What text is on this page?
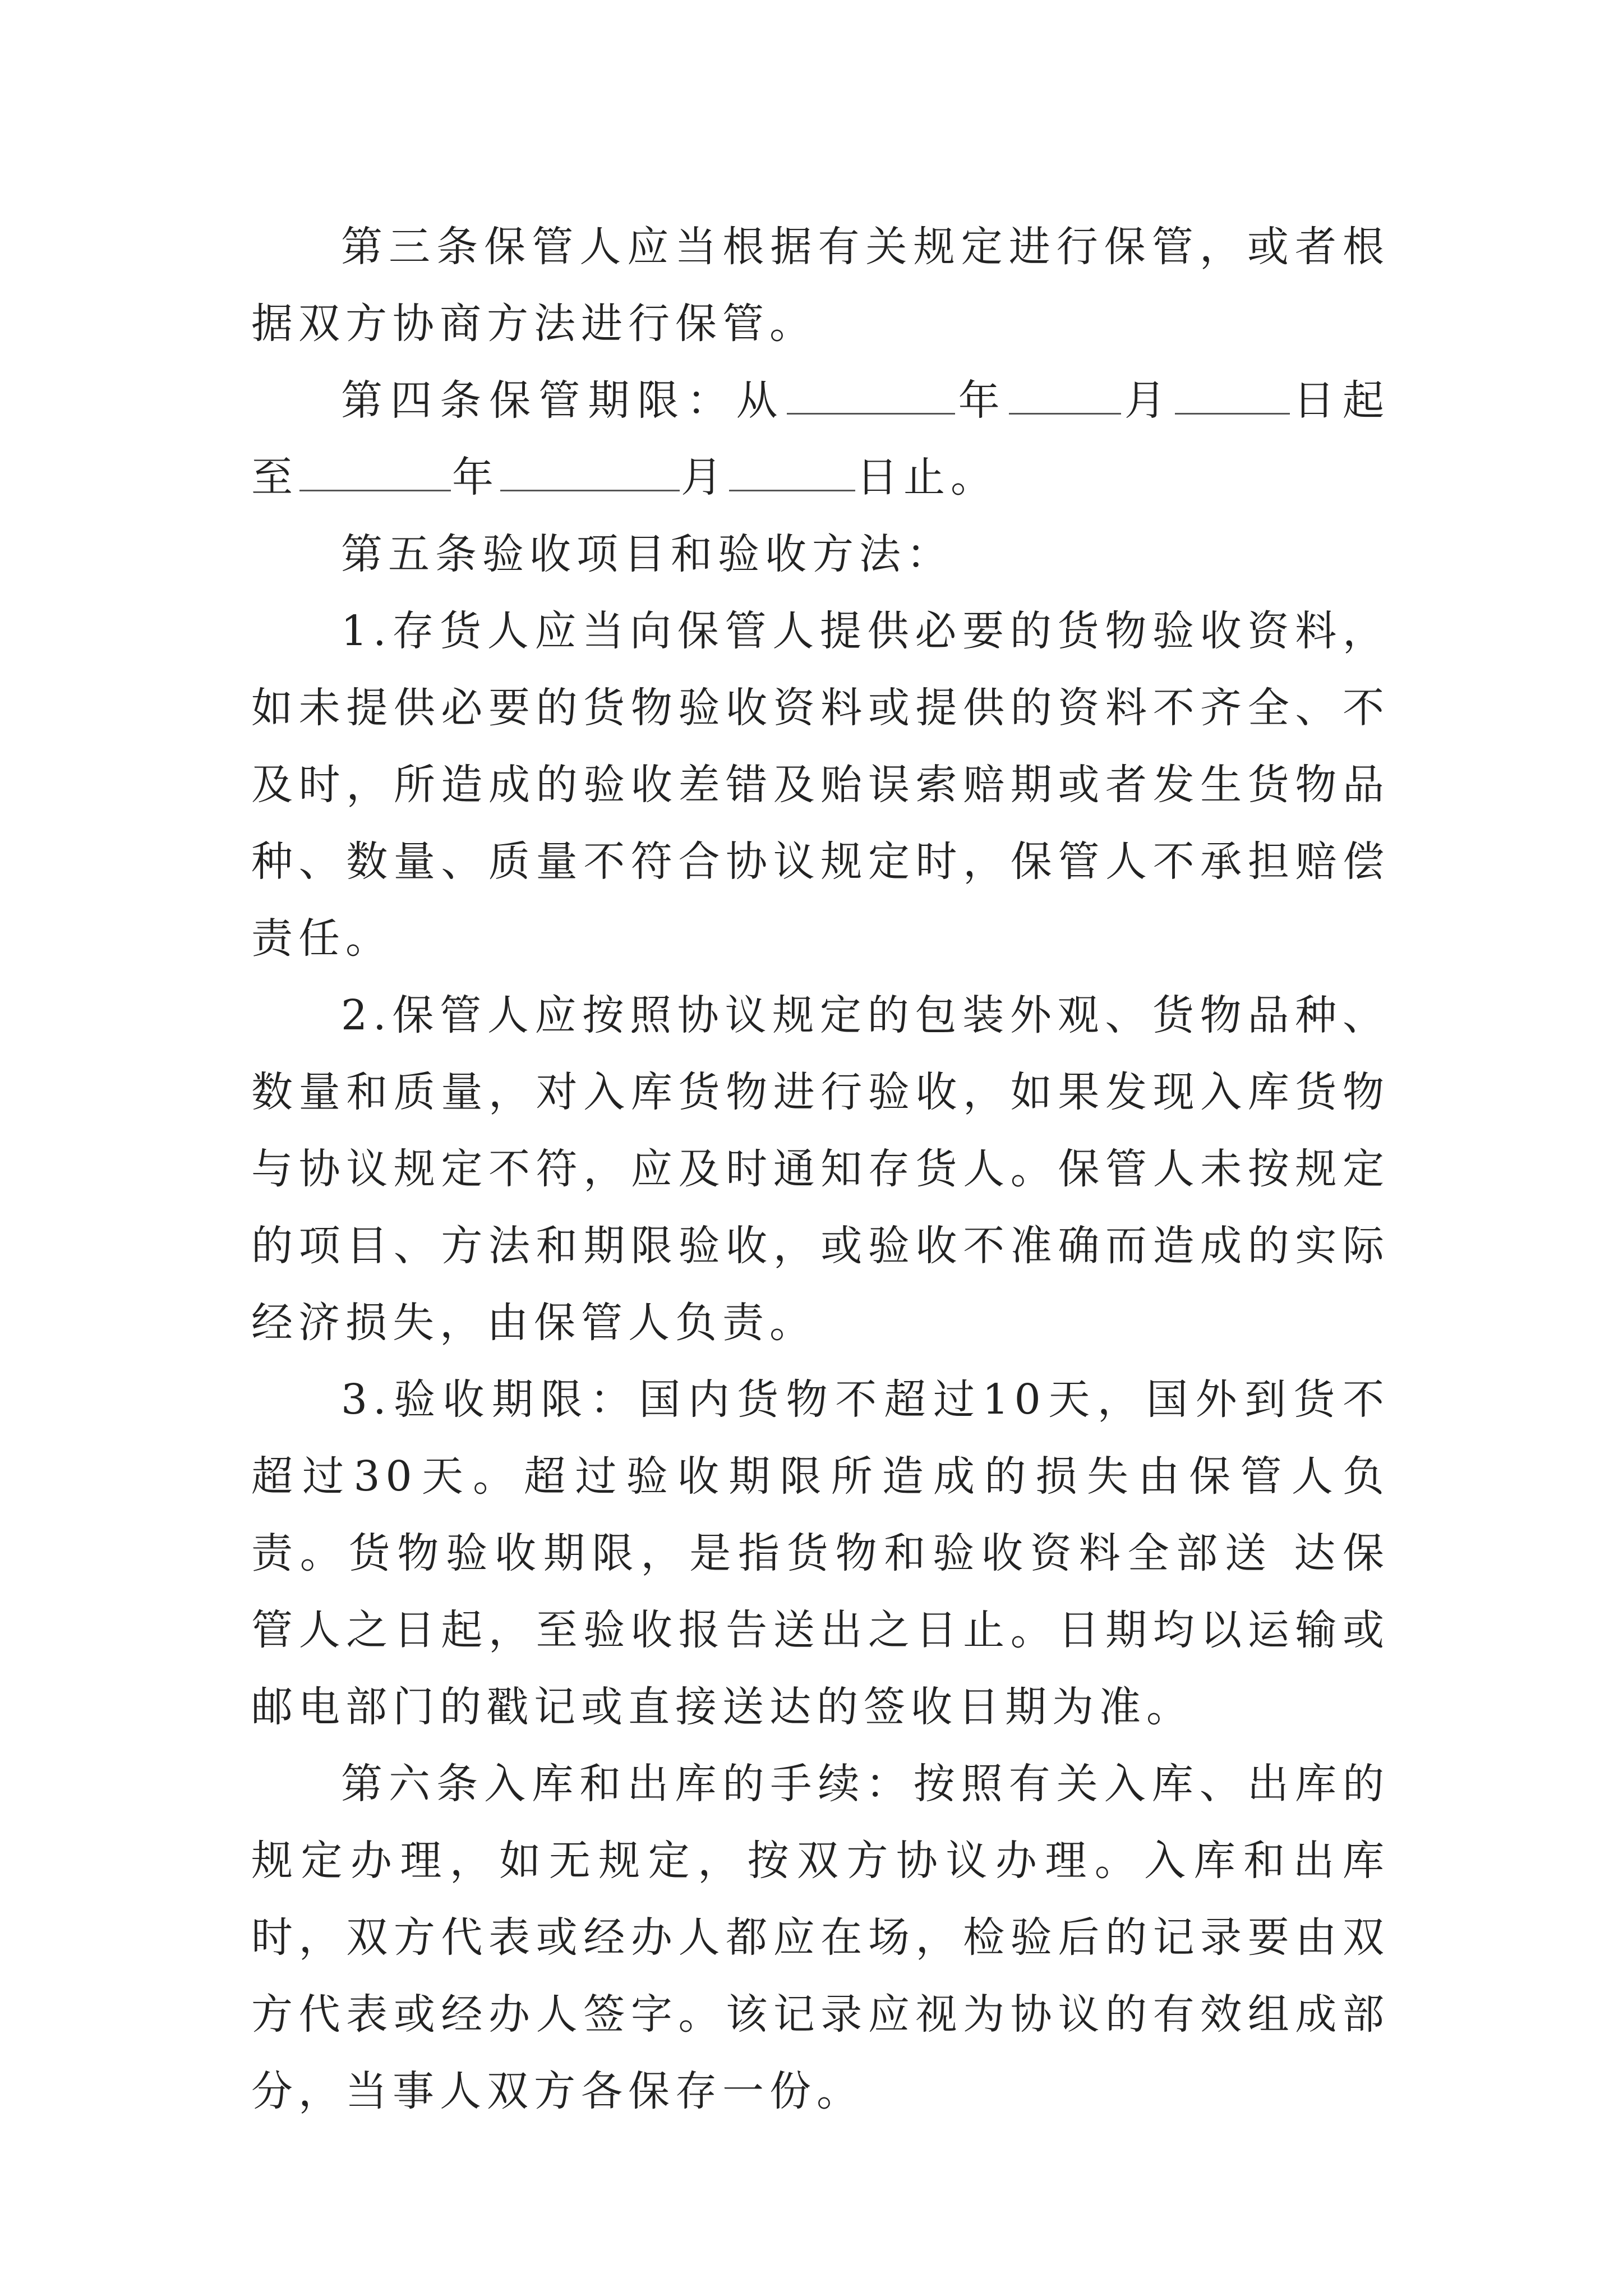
第三条保管人应当根据有关规定进行保管，或者根据双方协商方法进行保管。

第四条保管期限：从	年	月	日起至	年	月	日止。

第五条验收项目和验收方法：

1.存货人应当向保管人提供必要的货物验收资料，如未提供必要的货物验收资料或提供的资料不齐全、不及时，所造成的验收差错及贻误索赔期或者发生货物品种、数量、质量不符合协议规定时，保管人不承担赔偿责任。

2.保管人应按照协议规定的包装外观、货物品种、数量和质量，对入库货物进行验收，如果发现入库货物与协议规定不符，应及时通知存货人。保管人未按规定的项目、方法和期限验收，或验收不准确而造成的实际经济损失，由保管人负责。

3.验收期限：国内货物不超过10天，国外到货不超过30天。超过验收期限所造成的损失由保管人负责。货物验收期限，是指货物和验收资料全部送 达保管人之日起，至验收报告送出之日止。日期均以运输或邮电部门的戳记或直接送达的签收日期为准。

第六条入库和出库的手续：按照有关入库、出库的规定办理，如无规定，按双方协议办理。入库和出库时，双方代表或经办人都应在场，检验后的记录要由双方代表或经办人签字。该记录应视为协议的有效组成部分，当事人双方各保存一份。
